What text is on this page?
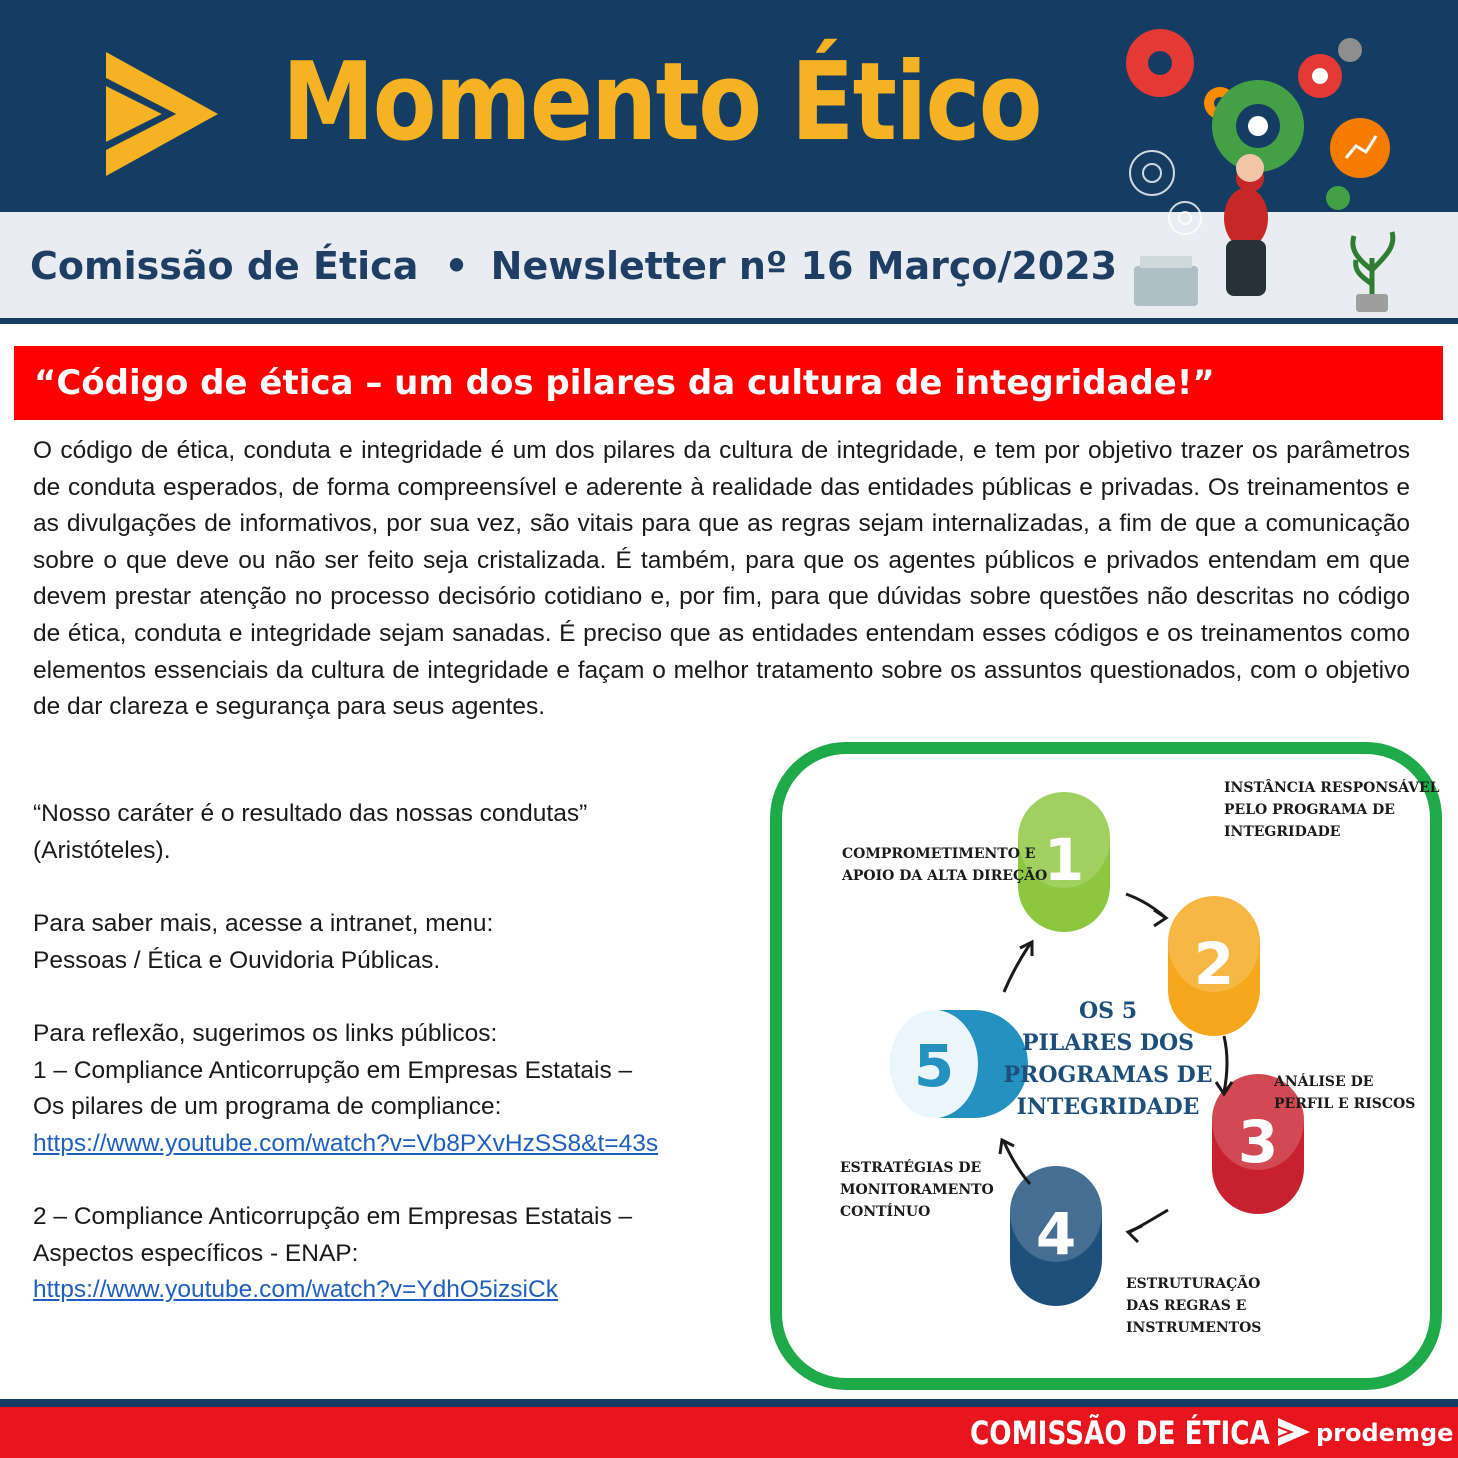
Momento Ético
Comissão de Ética • Newsletter nº 16 Março/2023
“Código de ética – um dos pilares da cultura de integridade!”
O código de ética, conduta e integridade é um dos pilares da cultura de integridade, e tem por objetivo trazer os parâmetros de conduta esperados, de forma compreensível e aderente à realidade das entidades públicas e privadas. Os treinamentos e as divulgações de informativos, por sua vez, são vitais para que as regras sejam internalizadas, a fim de que a comunicação sobre o que deve ou não ser feito seja cristalizada. É também, para que os agentes públicos e privados entendam em que devem prestar atenção no processo decisório cotidiano e, por fim, para que dúvidas sobre questões não descritas no código de ética, conduta e integridade sejam sanadas. É preciso que as entidades entendam esses códigos e os treinamentos como elementos essenciais da cultura de integridade e façam o melhor tratamento sobre os assuntos questionados, com o objetivo de dar clareza e segurança para seus agentes.
“Nosso caráter é o resultado das nossas condutas”
(Aristóteles).
Para saber mais, acesse a intranet, menu:
Pessoas / Ética e Ouvidoria Públicas.
Para reflexão, sugerimos os links públicos:
1 – Compliance Anticorrupção em Empresas Estatais –
Os pilares de um programa de compliance:
https://www.youtube.com/watch?v=Vb8PXvHzSS8&t=43s
2 – Compliance Anticorrupção em Empresas Estatais –
Aspectos específicos - ENAP:
https://www.youtube.com/watch?v=YdhO5izsiCk
1
2
3
4
5
COMPROMETIMENTO E
APOIO DA ALTA DIREÇÃO
INSTÂNCIA RESPONSÁVEL
PELO PROGRAMA DE
INTEGRIDADE
ANÁLISE DE
PERFIL E RISCOS
ESTRUTURAÇÃO
DAS REGRAS E
INSTRUMENTOS
ESTRATÉGIAS DE
MONITORAMENTO
CONTÍNUO
OS 5
PILARES DOS
PROGRAMAS DE
INTEGRIDADE
COMISSÃO DE ÉTICA prodemge
